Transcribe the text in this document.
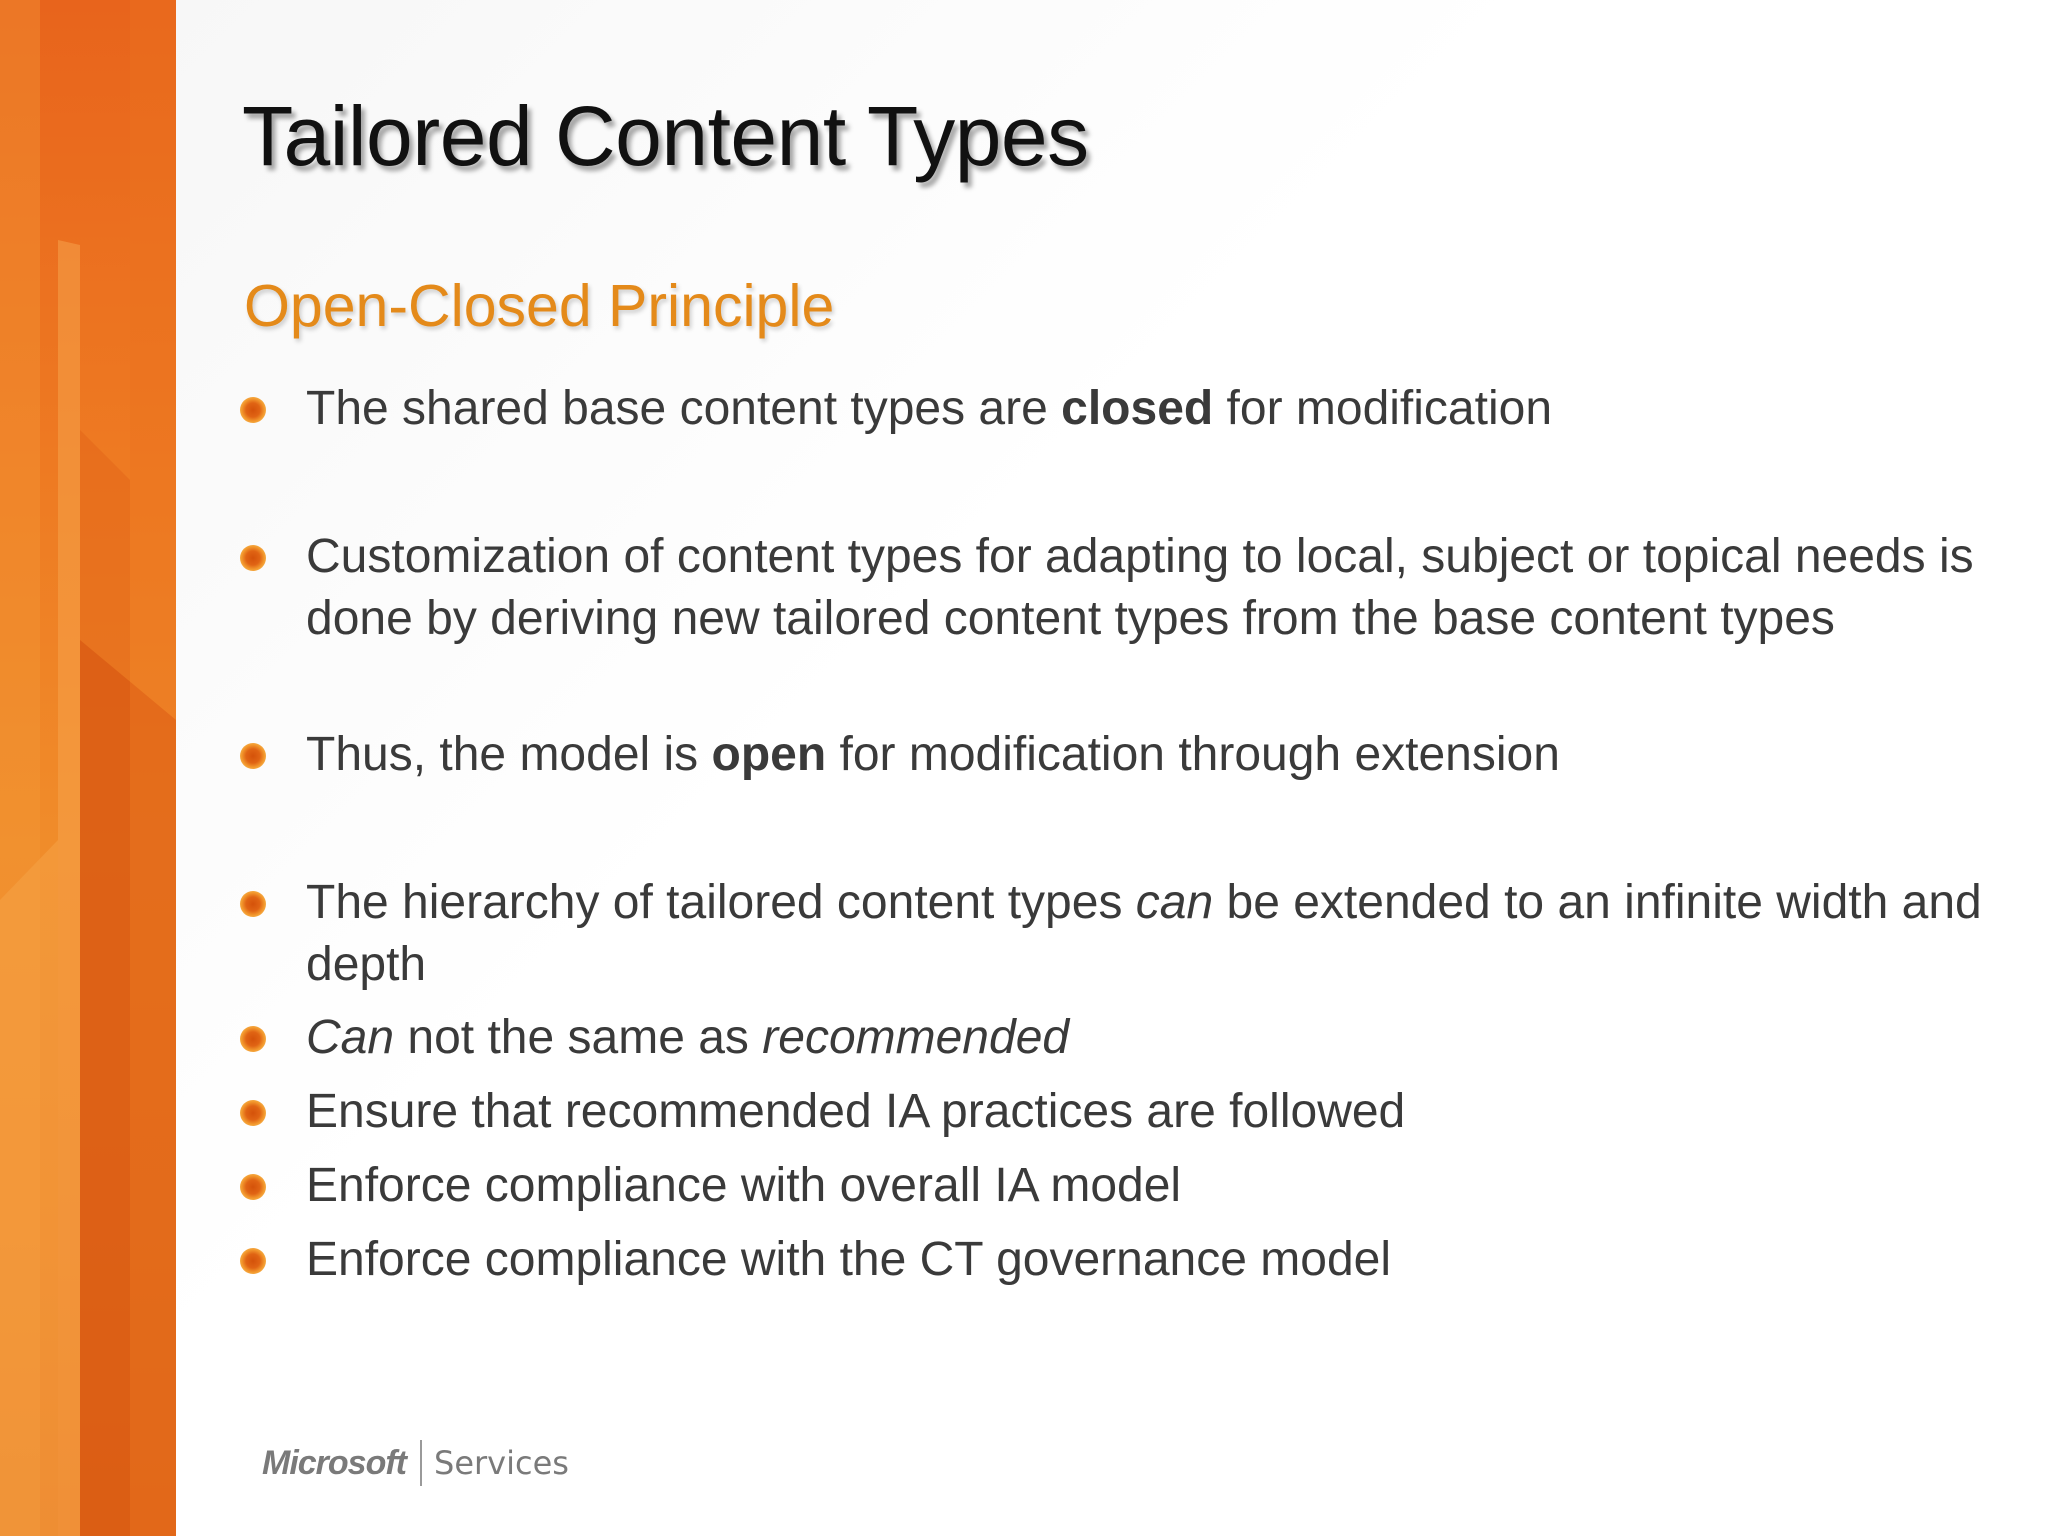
Tailored Content Types
Open-Closed Principle
The shared base content types are closed for modification
Customization of content types for adapting to local, subject or topical needs is done by deriving new tailored content types from the base content types
Thus, the model is open for modification through extension
The hierarchy of tailored content types can be extended to an infinite width and depth
Can not the same as recommended
Ensure that recommended IA practices are followed
Enforce compliance with overall IA model
Enforce compliance with the CT governance model
Microsoft Services
